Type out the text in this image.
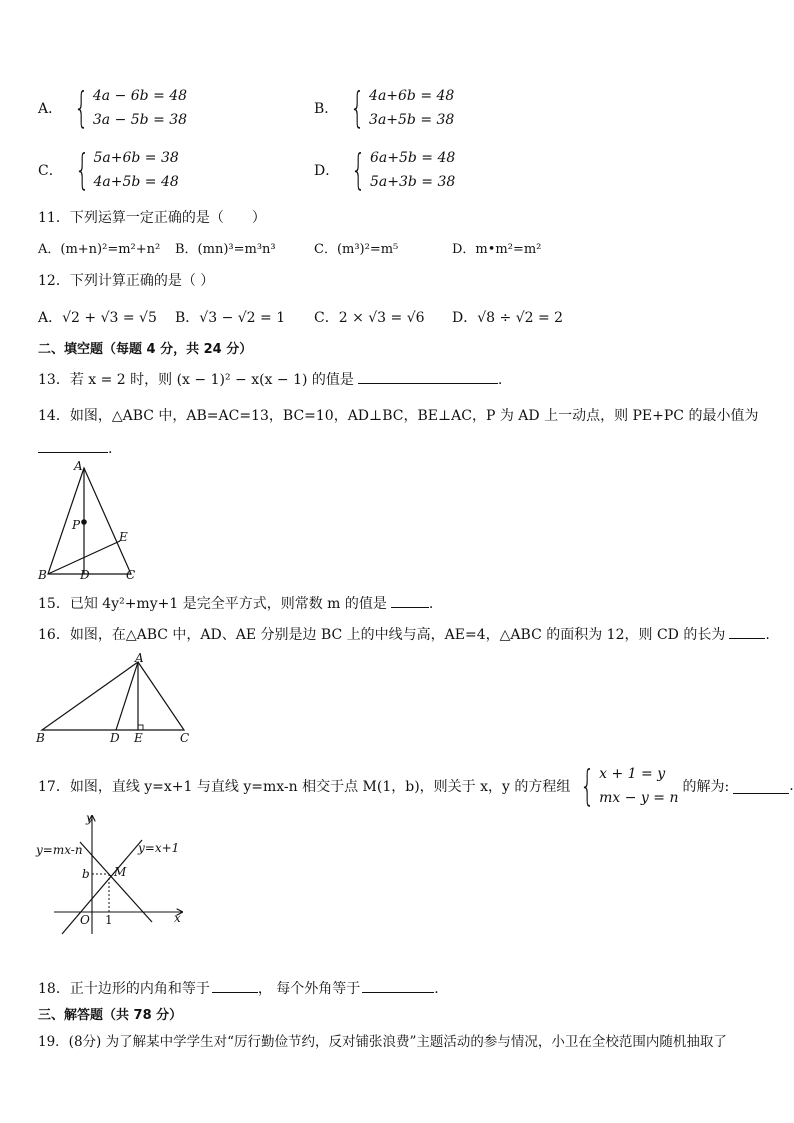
A． { 4a − 6b = 48
3a − 5b = 38
B． { 4a+6b = 48
3a+5b = 38
C． { 5a+6b = 38
4a+5b = 48
D． { 6a+5b = 48
5a+3b = 38
11．下列运算一定正确的是（　　）
A．(m+n)²=m²+n² B．(mn)³=m³n³	C．(m³)²=m⁵	D．m•m²=m²
12．下列计算正确的是（ ）
A．√2 + √3 = √5 B．√3 − √2 = 1 C．2 × √3 = √6 D．√8 ÷ √2 = 2
二、填空题（每题 4 分，共 24 分）
13．若 x = 2 时，则 (x − 1)² − x(x − 1) 的值是	.
14．如图，△ABC 中，AB=AC=13，BC=10，AD⊥BC，BE⊥AC，P 为 AD 上一动点，则 PE+PC 的最小值为
.
A
P
E
B	D	C
15．已知 4y²+my+1 是完全平方式，则常数 m 的值是	.
16．如图，在△ABC 中，AD、AE 分别是边 BC 上的中线与高，AE=4，△ABC 的面积为 12，则 CD 的长为	.
A
B	D E	C
17．如图，直线 y=x+1 与直线 y=mx-n 相交于点 M(1，b)，则关于 x，y 的方程组 { x + 1 = y
mx − y = n
的解为:	.
y
x
O 1
b M
y=mx-n	y=x+1
18．正十边形的内角和等于	， 每个外角等于	.
三、解答题（共 78 分）
19．(8分) 为了解某中学学生对“厉行勤俭节约，反对铺张浪费”主题活动的参与情况，小卫在全校范围内随机抽取了
